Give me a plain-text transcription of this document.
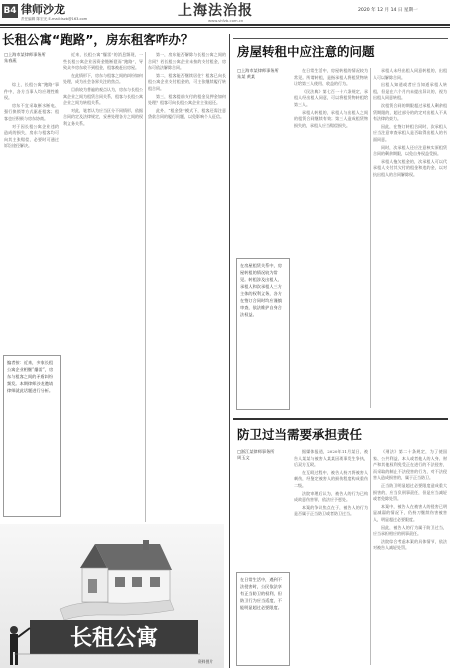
B4 律师沙龙
责任编辑 陈宏光 E-mail:lszb@163.com	上海法治报
www.shfzb.com.cn
2020 年 12 月 14 日 星期一
长租公寓“跑路”，房东租客咋办？
□上海市某律师事务所
朱春燕

综上，长租公寓“跑路”事件中，各方当事人均应理性维权。

房东不宜采取断水断电、强行换锁等方式驱赶租客；租客也应积极与房东协商。

对于因长租公寓企业违约造成的损失，房东与租客均可向其主张赔偿，必要时可通过诉讼途径解决。

编者按：近来，多家长租公寓企业相继“爆雷”，房东与租客之间的矛盾纠纷频发。本期律师沙龙邀请律师就此话题进行分析。

近来，长租公寓“爆雷”的消息频现，一些长租公寓企业因资金链断裂而“跑路”，导致众多房东收不到租金，租客被赶出房屋。

在此情形下，房东与租客之间的纠纷如何处理，成为社会各界关注的焦点。

目前较为普遍的观点认为，房东与长租公寓企业之间为租赁合同关系，租客与长租公寓企业之间为转租关系。

对此，笔者认为应当区分不同情形，依据合同约定及法律规定，妥善处理各方之间的权利义务关系。

第一，房东能否解除与长租公寓之间的合同？若长租公寓企业未按约支付租金，房东可依法解除合同。

第二，租客能否继续居住？租客已向长租公寓企业支付租金的，可主张继续履行转租合同。

第三，租客提前支付的租金及押金如何处理？租客可向长租公寓企业主张退还。

此外，“租金贷”模式下，租客还需注意贷款合同的履行问题，以免影响个人征信。

长租公寓
资料图片
房屋转租中应注意的问题
□上海市某律师事务所
朱某 黄某
在房屋租赁关系中，房屋转租的情况较为常见。转租涉及出租人、承租人和次承租人三方主体的权利义务，各方在签订合同时均应谨慎审查，依法维护自身合法权益。

在日常生活中，房屋转租的情况较为常见。所谓转租，是指承租人将租赁物转让给第三人使用、收益的行为。

《民法典》第七百一十六条规定，承租人经出租人同意，可以将租赁物转租给第三人。

承租人转租的，承租人与出租人之间的租赁合同继续有效；第三人造成租赁物损失的，承租人应当赔偿损失。

承租人未经出租人同意转租的，出租人可以解除合同。

出租人知道或者应当知道承租人转租，但是在六个月内未提出异议的，视为出租人同意转租。

次租赁合同的期限超过承租人剩余租赁期限的，超过部分的约定对出租人不具有法律约束力。

因此，在签订转租合同时，次承租人应当注意审查承租人是否取得出租人的书面同意。

同时，次承租人还应注意核实原租赁合同的剩余期限，以免自身权益受损。

承租人拖欠租金的，次承租人可以代承租人支付其欠付的租金和违约金，以对抗出租人的合同解除权。

防卫过当需要承担责任
□浙江某律师事务所
周玉文
在日常生活中，遇到不法侵害时，公民依法享有正当防卫的权利，但防卫行为应当适度，不能明显超过必要限度。

据媒体报道，2020年11月某日，被告人某某与被害人某某因琐事发生争执，后双方互殴。

在互殴过程中，被告人持刀将被害人刺伤，经鉴定被害人的损伤程度构成重伤二级。

法院审理后认为，被告人的行为已构成故意伤害罪，依法应予惩处。

本案的争议焦点在于，被告人的行为是否属于正当防卫或者防卫过当。

《刑法》第二十条规定，为了使国家、公共利益、本人或者他人的人身、财产和其他权利免受正在进行的不法侵害，而采取的制止不法侵害的行为，对不法侵害人造成损害的，属于正当防卫。

正当防卫明显超过必要限度造成重大损害的，应当负刑事责任，但是应当减轻或者免除处罚。

本案中，被告人在被害人的侵害已明显减弱的情况下，仍持刀继续伤害被害人，明显超过必要限度。

因此，被告人的行为属于防卫过当，应当承担相应的刑事责任。

法院综合考虑本案的具体情节，依法对被告人减轻处罚。
